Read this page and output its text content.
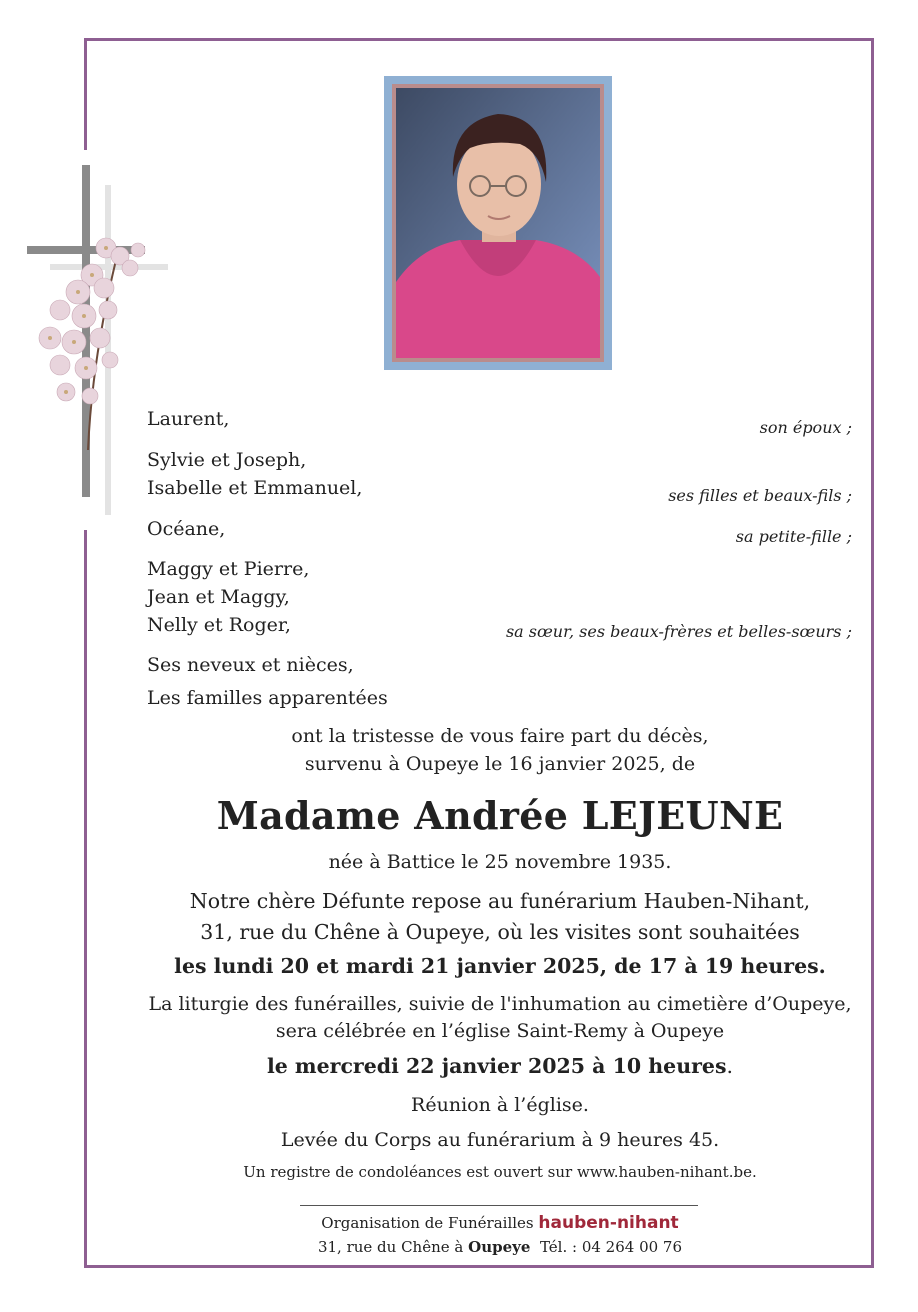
Laurent,
Sylvie et Joseph,
Isabelle et Emmanuel,
Océane,
Maggy et Pierre,
Jean et Maggy,
Nelly et Roger,
Ses neveux et nièces,
Les familles apparentées
son époux ;
ses filles et beaux-fils ;
sa petite-fille ;
sa sœur, ses beaux-frères et belles-sœurs ;
ont la tristesse de vous faire part du décès,
survenu à Oupeye le 16 janvier 2025, de
Madame Andrée LEJEUNE
née à Battice le 25 novembre 1935.
Notre chère Défunte repose au funérarium Hauben-Nihant,
31, rue du Chêne à Oupeye, où les visites sont souhaitées
les lundi 20 et mardi 21 janvier 2025, de 17 à 19 heures.
La liturgie des funérailles, suivie de l'inhumation au cimetière d’Oupeye,
sera célébrée en l’église Saint-Remy à Oupeye
le mercredi 22 janvier 2025 à 10 heures.
Réunion à l’église.
Levée du Corps au funérarium à 9 heures 45.
Un registre de condoléances est ouvert sur www.hauben-nihant.be.
Organisation de Funérailles hauben-nihant
31, rue du Chêne à Oupeye Tél. : 04 264 00 76
